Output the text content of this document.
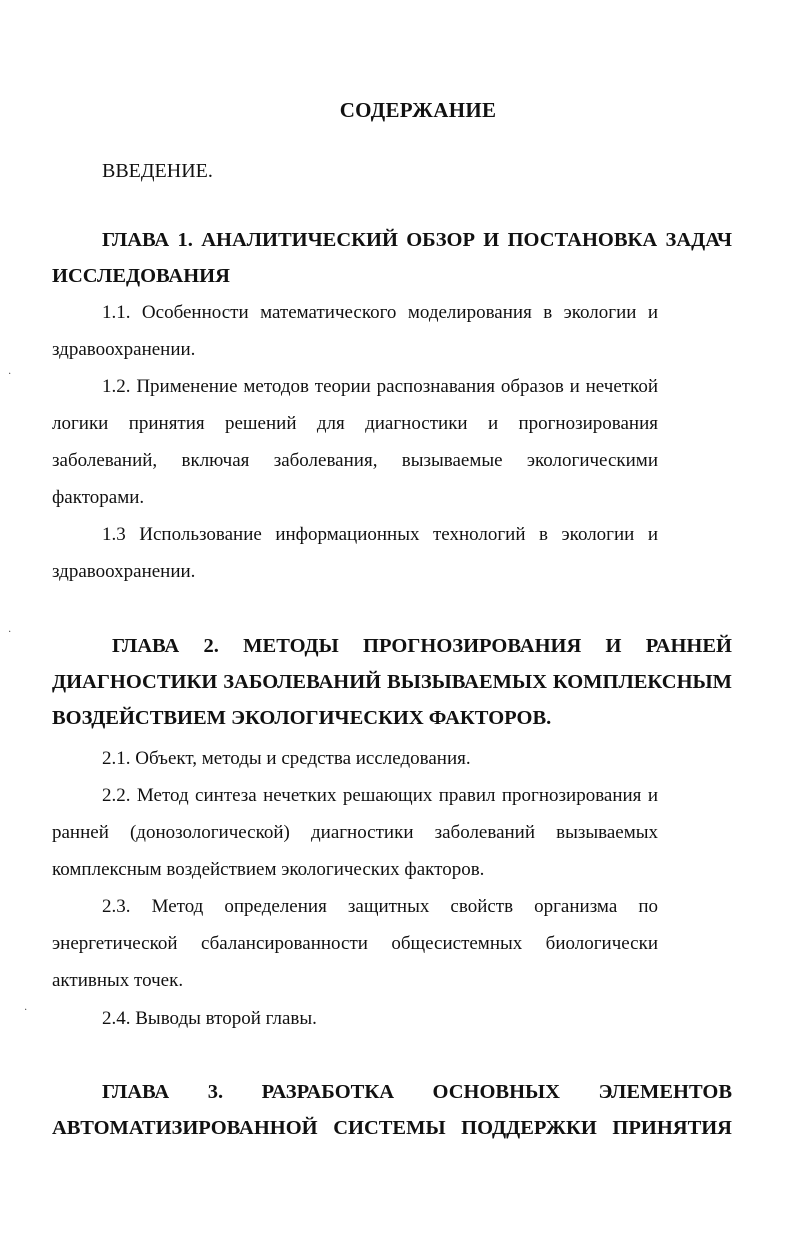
СОДЕРЖАНИЕ
ВВЕДЕНИЕ.
ГЛАВА 1. АНАЛИТИЧЕСКИЙ ОБЗОР И ПОСТАНОВКА ЗАДАЧ
ИССЛЕДОВАНИЯ
1.1. Особенности математического моделирования в экологии и здравоохранении.
1.2. Применение методов теории распознавания образов и нечеткой логики принятия решений для диагностики и прогнозирования заболеваний, включая заболевания, вызываемые экологическими факторами.
1.3 Использование информационных технологий в экологии и здравоохранении.
ГЛАВА 2. МЕТОДЫ ПРОГНОЗИРОВАНИЯ И РАННЕЙ
ДИАГНОСТИКИ ЗАБОЛЕВАНИЙ ВЫЗЫВАЕМЫХ КОМПЛЕКСНЫМ
ВОЗДЕЙСТВИЕМ ЭКОЛОГИЧЕСКИХ ФАКТОРОВ.
2.1. Объект, методы и средства исследования.
2.2. Метод синтеза нечетких решающих правил прогнозирования и ранней (донозологической) диагностики заболеваний вызываемых комплексным воздействием экологических факторов.
2.3. Метод определения защитных свойств организма по энергетической сбалансированности общесистемных биологически активных точек.
2.4. Выводы второй главы.
ГЛАВА 3. РАЗРАБОТКА ОСНОВНЫХ ЭЛЕМЕНТОВ
АВТОМАТИЗИРОВАННОЙ СИСТЕМЫ ПОДДЕРЖКИ ПРИНЯТИЯ
․
․
․
